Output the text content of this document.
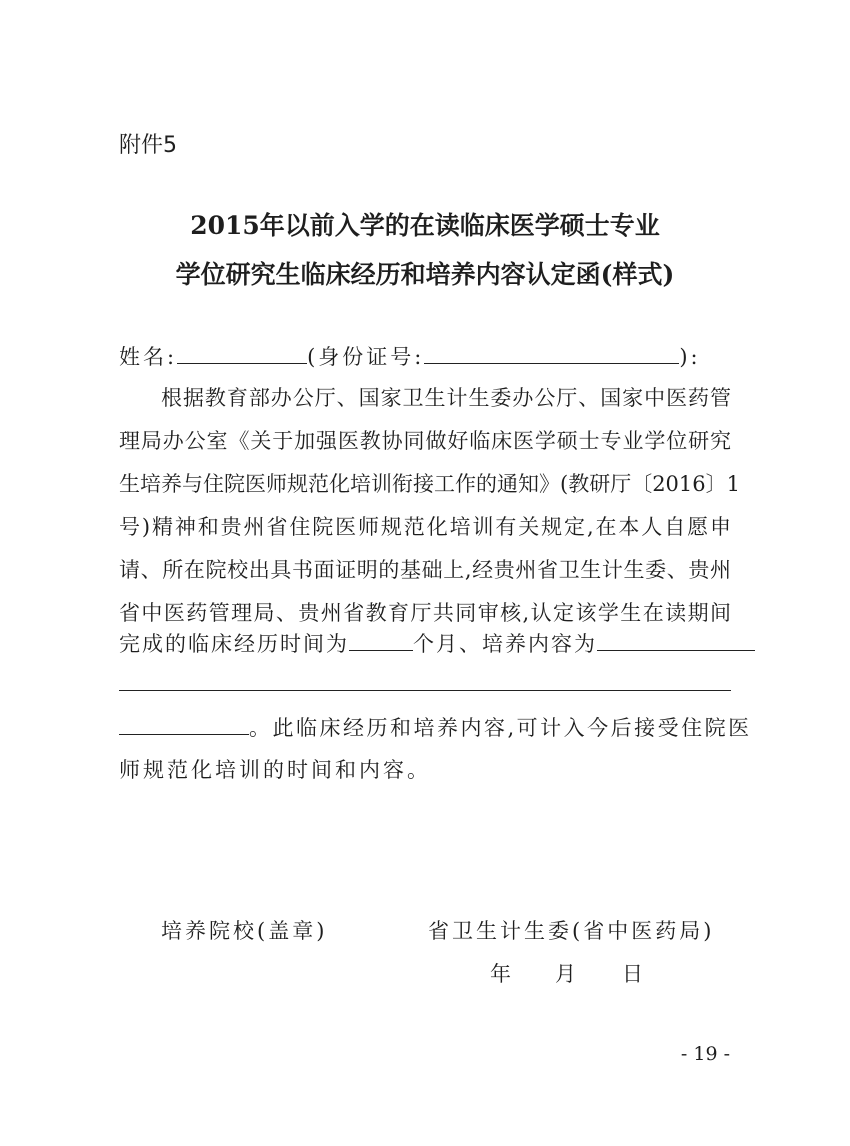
附件5
2015年以前入学的在读临床医学硕士专业
学位研究生临床经历和培养内容认定函(样式)
姓名:	(身份证号:	):
根据教育部办公厅、国家卫生计生委办公厅、国家中医药管
理局办公室《关于加强医教协同做好临床医学硕士专业学位研究
生培养与住院医师规范化培训衔接工作的通知》(教研厅〔2016〕1
号)精神和贵州省住院医师规范化培训有关规定,在本人自愿申
请、所在院校出具书面证明的基础上,经贵州省卫生计生委、贵州
省中医药管理局、贵州省教育厅共同审核,认定该学生在读期间
完成的临床经历时间为	个月、培养内容为
。此临床经历和培养内容,可计入今后接受住院医
师规范化培训的时间和内容。
培养院校(盖章)	省卫生计生委(省中医药局)
年 月 日
- 19 -
